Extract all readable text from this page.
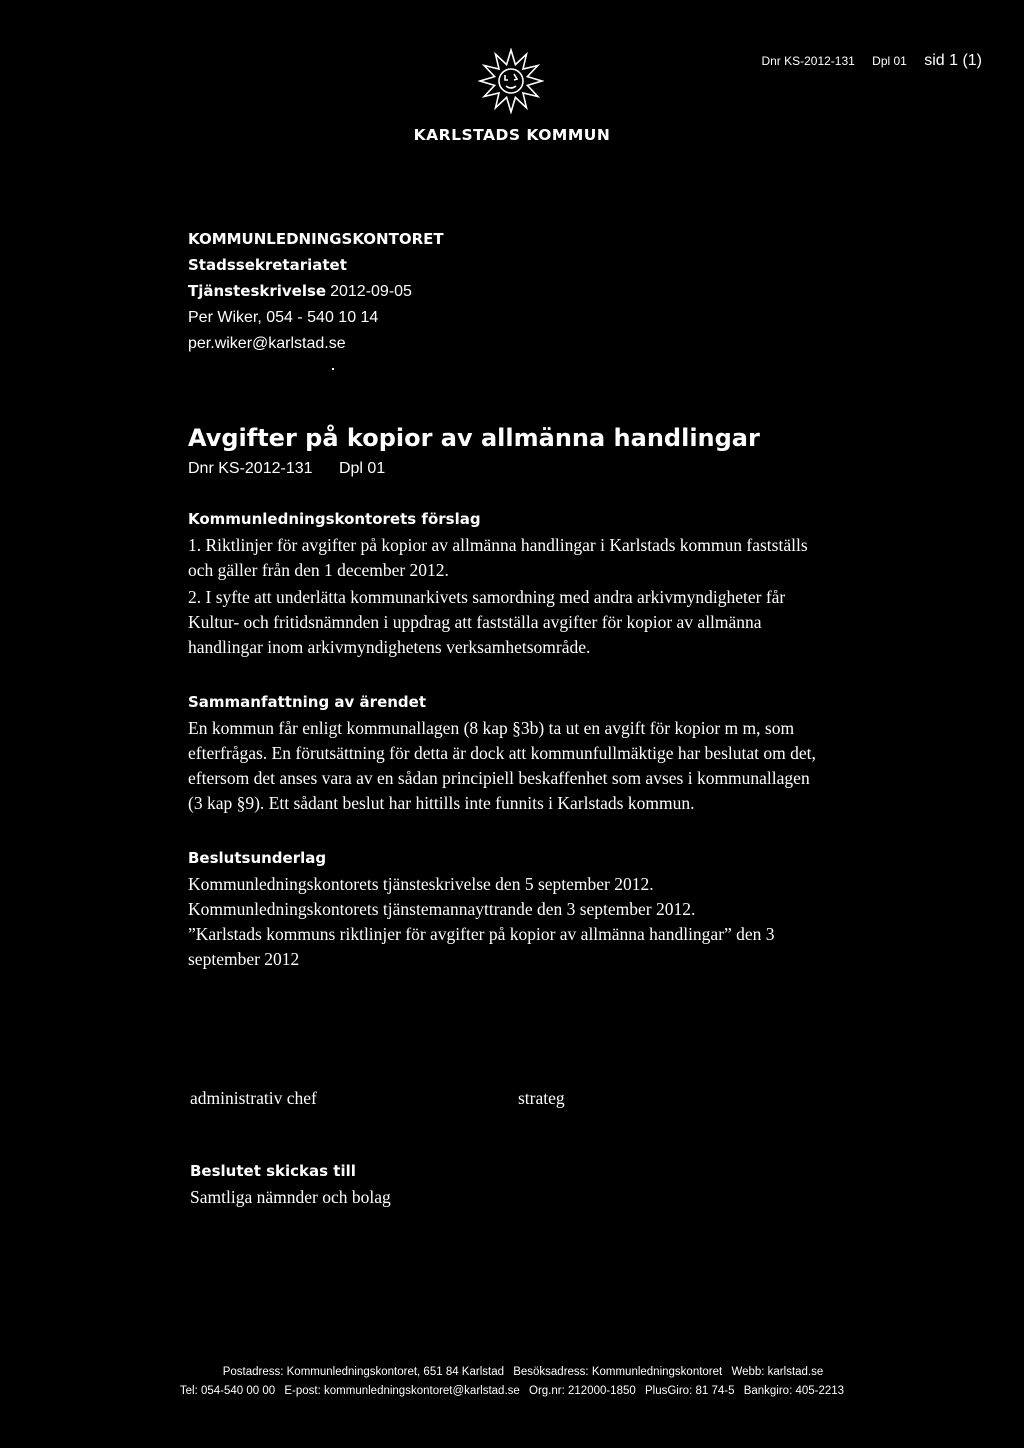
Dnr KS-2012-131 Dpl 01 sid 1 (1)
KARLSTADS KOMMUN
KOMMUNLEDNINGSKONTORET
Stadssekretariatet
Tjänsteskrivelse 2012-09-05
Per Wiker, 054 - 540 10 14
per.wiker@karlstad.se
Avgifter på kopior av allmänna handlingar
Dnr KS-2012-131 Dpl 01
Kommunledningskontorets förslag
1. Riktlinjer för avgifter på kopior av allmänna handlingar i Karlstads kommun fastställs och gäller från den 1 december 2012.
2. I syfte att underlätta kommunarkivets samordning med andra arkivmyndigheter får Kultur- och fritidsnämnden i uppdrag att fastställa avgifter för kopior av allmänna handlingar inom arkivmyndighetens verksamhetsområde.
Sammanfattning av ärendet
En kommun får enligt kommunallagen (8 kap §3b) ta ut en avgift för kopior m m, som efterfrågas. En förutsättning för detta är dock att kommunfullmäktige har beslutat om det, eftersom det anses vara av en sådan principiell beskaffenhet som avses i kommunallagen (3 kap §9). Ett sådant beslut har hittills inte funnits i Karlstads kommun.
Beslutsunderlag
Kommunledningskontorets tjänsteskrivelse den 5 september 2012.
Kommunledningskontorets tjänstemannayttrande den 3 september 2012.
”Karlstads kommuns riktlinjer för avgifter på kopior av allmänna handlingar” den 3 september 2012
administrativ chef	strateg
Beslutet skickas till
Samtliga nämnder och bolag
Postadress: Kommunledningskontoret, 651 84 Karlstad Besöksadress: Kommunledningskontoret Webb: karlstad.se
Tel: 054-540 00 00 E-post: kommunledningskontoret@karlstad.se Org.nr: 212000-1850 PlusGiro: 81 74-5 Bankgiro: 405-2213
